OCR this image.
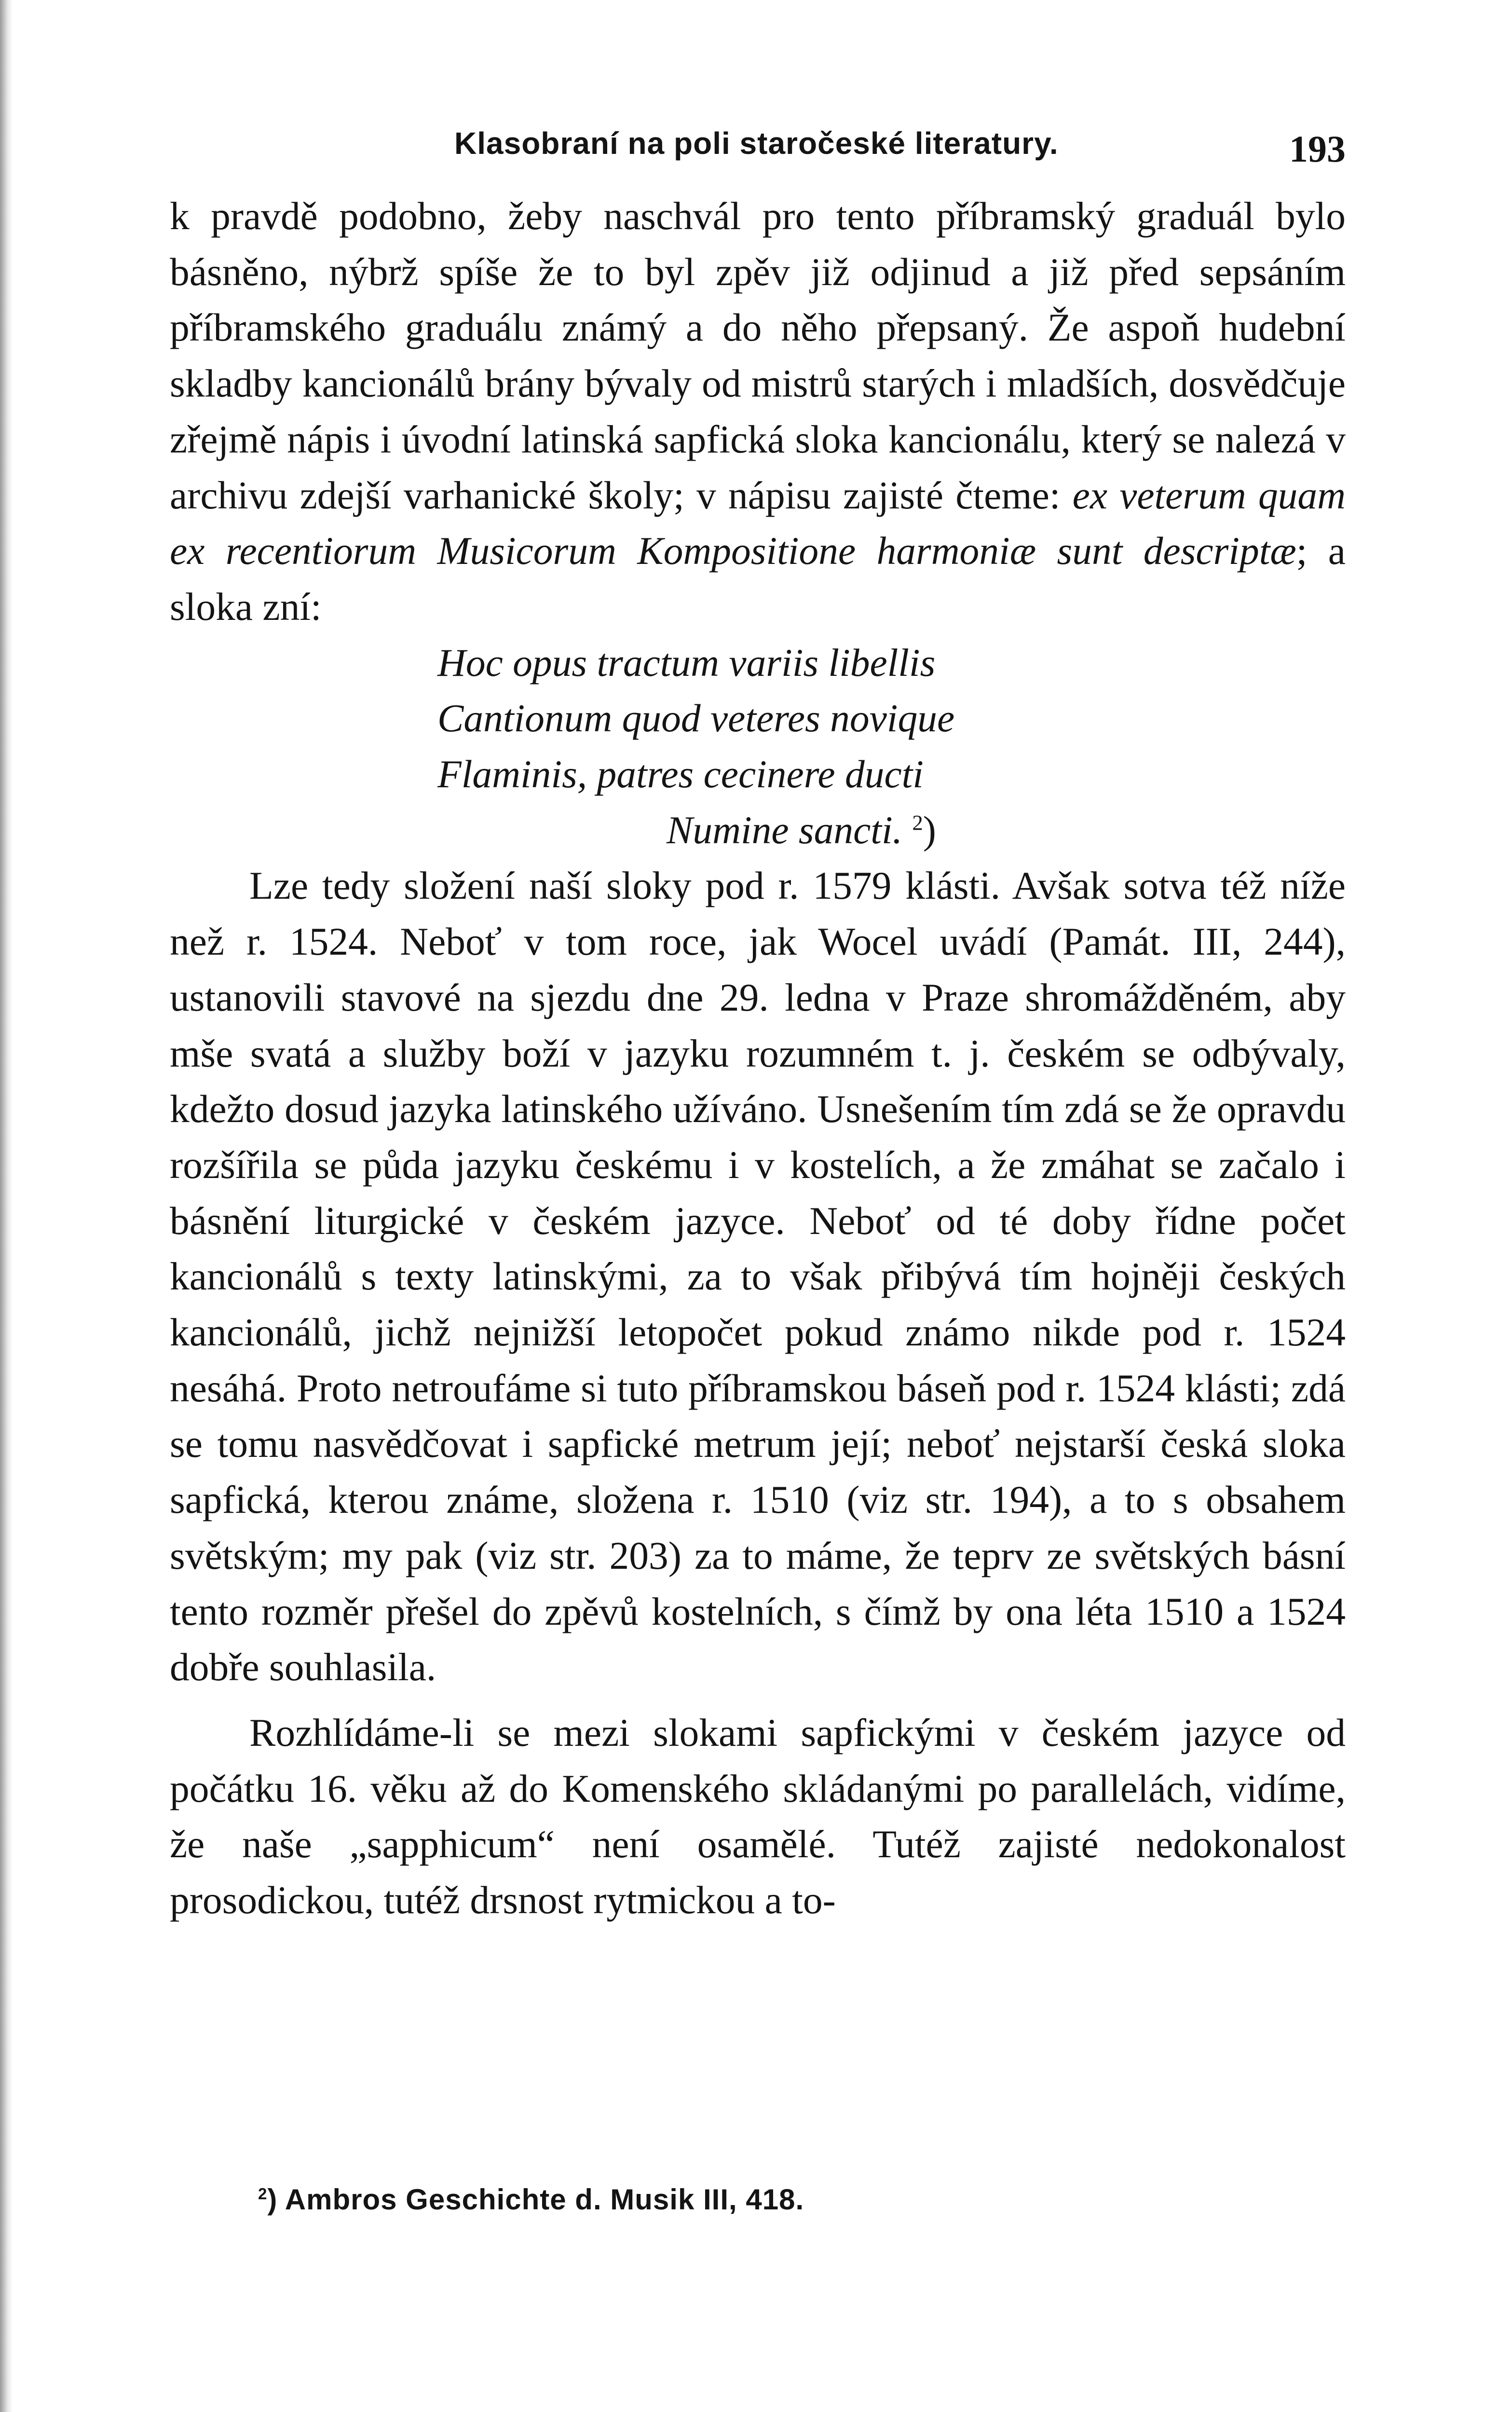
Klasobraní na poli staročeské literatury.	193

k pravdě podobno, žeby naschvál pro tento příbramský graduál bylo básněno, nýbrž spíše že to byl zpěv již odjinud a již před sepsáním příbramského graduálu známý a do něho přepsaný. Že aspoň hudební skladby kancionálů brány bývaly od mistrů starých i mladších, dosvědčuje zřejmě nápis i úvodní latinská sapfická sloka kancionálu, který se nalezá v archivu zdejší varhanické školy; v nápisu zajisté čteme: ex veterum quam ex recentiorum Musicorum Kompositione harmoniæ sunt descriptæ; a sloka zní:

Hoc opus tractum variis libellis
Cantionum quod veteres novique
Flaminis, patres cecinere ducti
Numine sancti. $^2$)

Lze tedy složení naší sloky pod r. 1579 klásti. Avšak sotva též níže než r. 1524. Neboť v tom roce, jak Wocel uvádí (Památ. III, 244), ustanovili stavové na sjezdu dne 29. ledna v Praze shromážděném, aby mše svatá a služby boží v jazyku rozumném t. j. českém se odbývaly, kdežto dosud jazyka latinského užíváno. Usnešením tím zdá se že opravdu rozšířila se půda jazyku českému i v kostelích, a že zmáhat se začalo i básnění liturgické v českém jazyce. Neboť od té doby řídne počet kancionálů s texty latinskými, za to však přibývá tím hojněji českých kancionálů, jichž nejnižší letopočet pokud známo nikde pod r. 1524 nesáhá. Proto netroufáme si tuto příbramskou báseň pod r. 1524 klásti; zdá se tomu nasvědčovat i sapfické metrum její; neboť nejstarší česká sloka sapfická, kterou známe, složena r. 1510 (viz str. 194), a to s obsahem světským; my pak (viz str. 203) za to máme, že teprv ze světských básní tento rozměr přešel do zpěvů kostelních, s čímž by ona léta 1510 a 1524 dobře souhlasila.

Rozhlídáme-li se mezi slokami sapfickými v českém jazyce od počátku 16. věku až do Komenského skládanými po parallelách, vidíme, že naše „sapphicum“ není osamělé. Tutéž zajisté nedokonalost prosodickou, tutéž drsnost rytmickou a to-

$^2$) Ambros Geschichte d. Musik III, 418.
